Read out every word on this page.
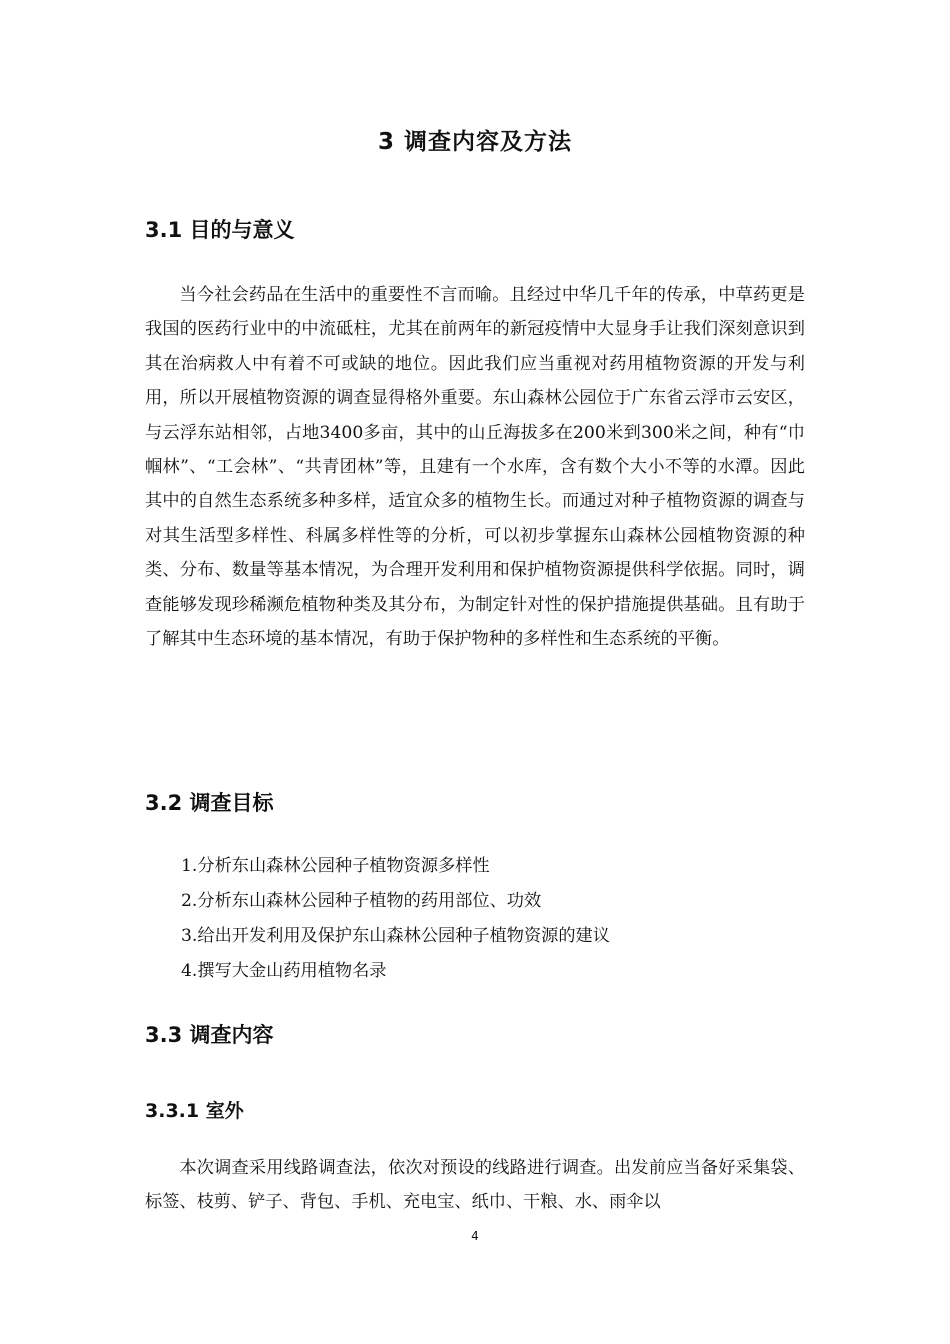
3 调查内容及方法
3.1 目的与意义

当今社会药品在生活中的重要性不言而喻。且经过中华几千年的传承，中草药更是我国的医药行业中的中流砥柱，尤其在前两年的新冠疫情中大显身手让我们深刻意识到其在治病救人中有着不可或缺的地位。因此我们应当重视对药用植物资源的开发与利用，所以开展植物资源的调查显得格外重要。东山森林公园位于广东省云浮市云安区，与云浮东站相邻，占地3400多亩，其中的山丘海拔多在200米到300米之间，种有“巾帼林”、“工会林”、“共青团林”等，且建有一个水库，含有数个大小不等的水潭。因此其中的自然生态系统多种多样，适宜众多的植物生长。而通过对种子植物资源的调查与对其生活型多样性、科属多样性等的分析，可以初步掌握东山森林公园植物资源的种类、分布、数量等基本情况，为合理开发利用和保护植物资源提供科学依据。同时，调查能够发现珍稀濒危植物种类及其分布，为制定针对性的保护措施提供基础。且有助于了解其中生态环境的基本情况，有助于保护物种的多样性和生态系统的平衡。

3.2 调查目标
1.分析东山森林公园种子植物资源多样性
2.分析东山森林公园种子植物的药用部位、功效
3.给出开发利用及保护东山森林公园种子植物资源的建议
4.撰写大金山药用植物名录
3.3 调查内容
3.3.1 室外

本次调查采用线路调查法，依次对预设的线路进行调查。出发前应当备好采集袋、标签、枝剪、铲子、背包、手机、充电宝、纸巾、干粮、水、雨伞以

4
